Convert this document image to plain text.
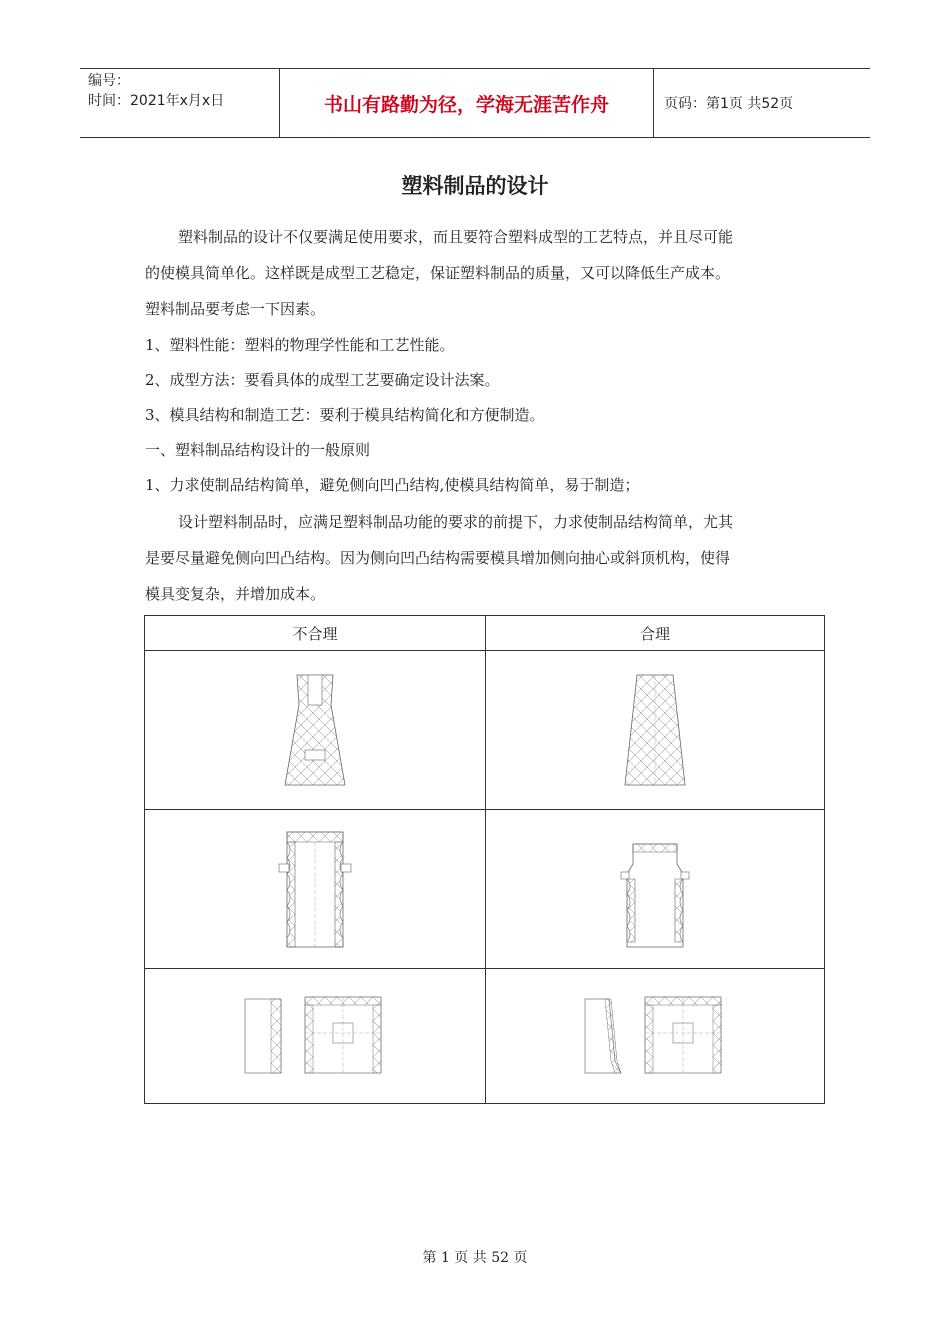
编号：
时间：2021年x月x日	书山有路勤为径，学海无涯苦作舟	页码：第1页 共52页
塑料制品的设计
塑料制品的设计不仅要满足使用要求，而且要符合塑料成型的工艺特点，并且尽可能
的使模具简单化。这样既是成型工艺稳定，保证塑料制品的质量，又可以降低生产成本。
塑料制品要考虑一下因素。
1、塑料性能：塑料的物理学性能和工艺性能。
2、成型方法：要看具体的成型工艺要确定设计法案。
3、模具结构和制造工艺：要利于模具结构简化和方便制造。
一、塑料制品结构设计的一般原则
1、力求使制品结构简单，避免侧向凹凸结构,使模具结构简单，易于制造；
设计塑料制品时，应满足塑料制品功能的要求的前提下，力求使制品结构简单，尤其
是要尽量避免侧向凹凸结构。因为侧向凹凸结构需要模具增加侧向抽心或斜顶机构，使得
模具变复杂，并增加成本。
不合理	合理

第 1 页 共 52 页
